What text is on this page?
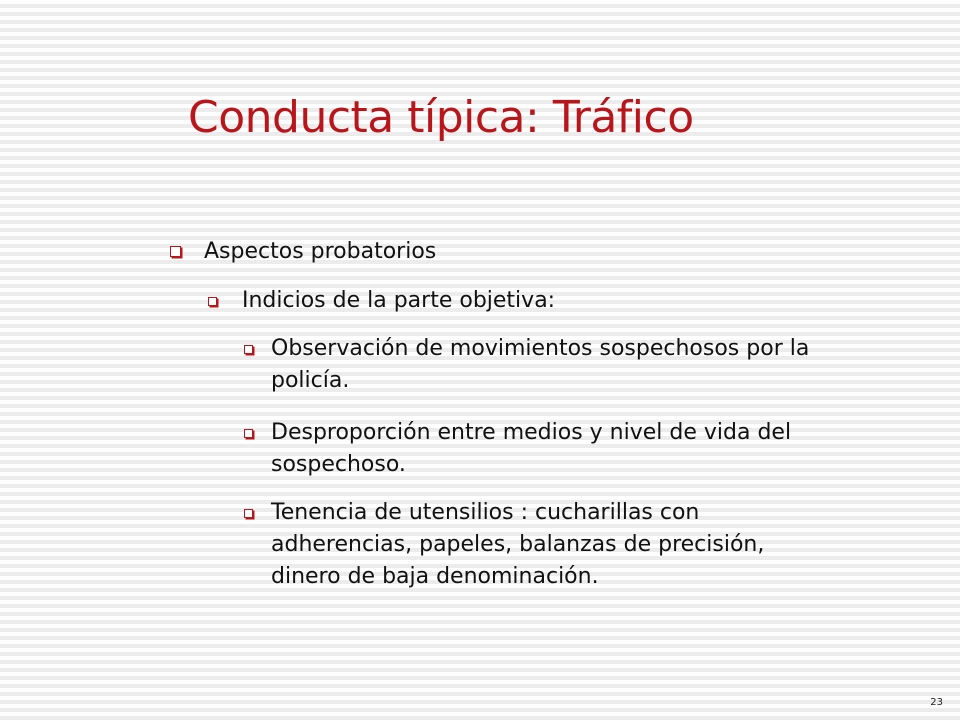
Conducta típica: Tráfico
Aspectos probatorios
Indicios de la parte objetiva:
Observación de movimientos sospechosos por la policía.
Desproporción entre medios y nivel de vida del sospechoso.
Tenencia de utensilios : cucharillas con adherencias, papeles, balanzas de precisión, dinero de baja denominación.
23
